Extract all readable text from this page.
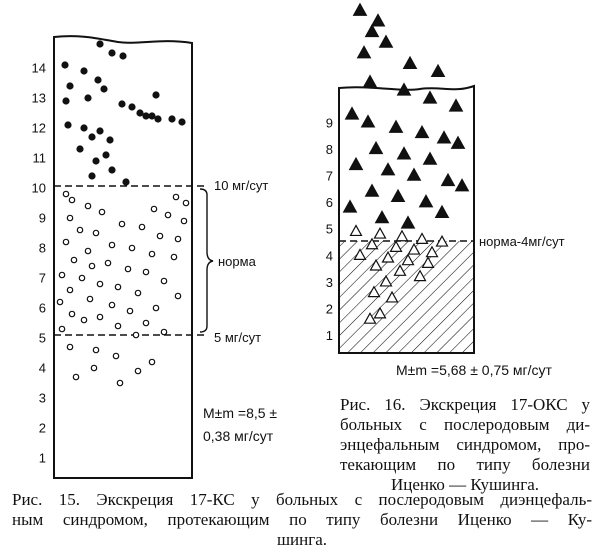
1
2
3
4
5
6
7
8
9
10
11
12
13
14
10 мг/сут
5 мг/сут
норма
M±m =8,5 ±
0,38 мг/сут
1
2
3
4
5
6
7
8
9
норма-4мг/сут
M±m =5,68 ± 0,75 мг/сут
Рис. 16. Экскреция 17-ОКС у
больных с послеродовым ди-
энцефальным синдромом, про-
текающим по типу болезни
Иценко — Кушинга.
Рис. 15. Экскреция 17-КС у больных с послеродовым диэнцефаль-
ным синдромом, протекающим по типу болезни Иценко — Ку-
шинга.
